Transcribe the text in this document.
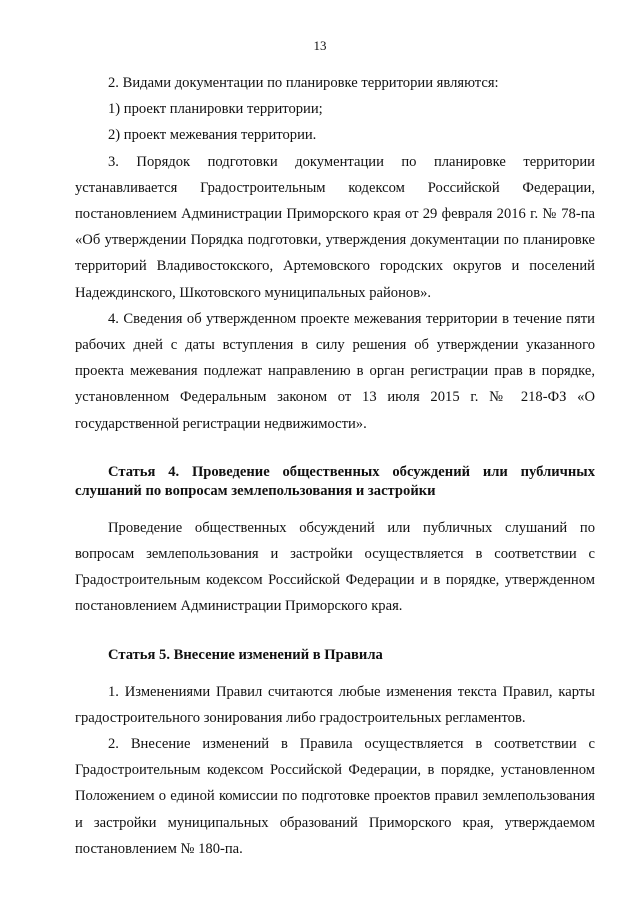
13

2. Видами документации по планировке территории являются:

1) проект планировки территории;

2) проект межевания территории.

3. Порядок подготовки документации по планировке территории устанавливается Градостроительным кодексом Российской Федерации, постановлением Администрации Приморского края от 29 февраля 2016 г. № 78-па «Об утверждении Порядка подготовки, утверждения документации по планировке территорий Владивостокского, Артемовского городских округов и поселений Надеждинского, Шкотовского муниципальных районов».

4. Сведения об утвержденном проекте межевания территории в течение пяти рабочих дней с даты вступления в силу решения об утверждении указанного проекта межевания подлежат направлению в орган регистрации прав в порядке, установленном Федеральным законом от 13 июля 2015 г. № 218-ФЗ «О государственной регистрации недвижимости».

Статья 4. Проведение общественных обсуждений или публичных слушаний по вопросам землепользования и застройки

Проведение общественных обсуждений или публичных слушаний по вопросам землепользования и застройки осуществляется в соответствии с Градостроительным кодексом Российской Федерации и в порядке, утвержденном постановлением Администрации Приморского края.

Статья 5. Внесение изменений в Правила

1. Изменениями Правил считаются любые изменения текста Правил, карты градостроительного зонирования либо градостроительных регламентов.

2. Внесение изменений в Правила осуществляется в соответствии с Градостроительным кодексом Российской Федерации, в порядке, установленном Положением о единой комиссии по подготовке проектов правил землепользования и застройки муниципальных образований Приморского края, утверждаемом постановлением № 180-па.
